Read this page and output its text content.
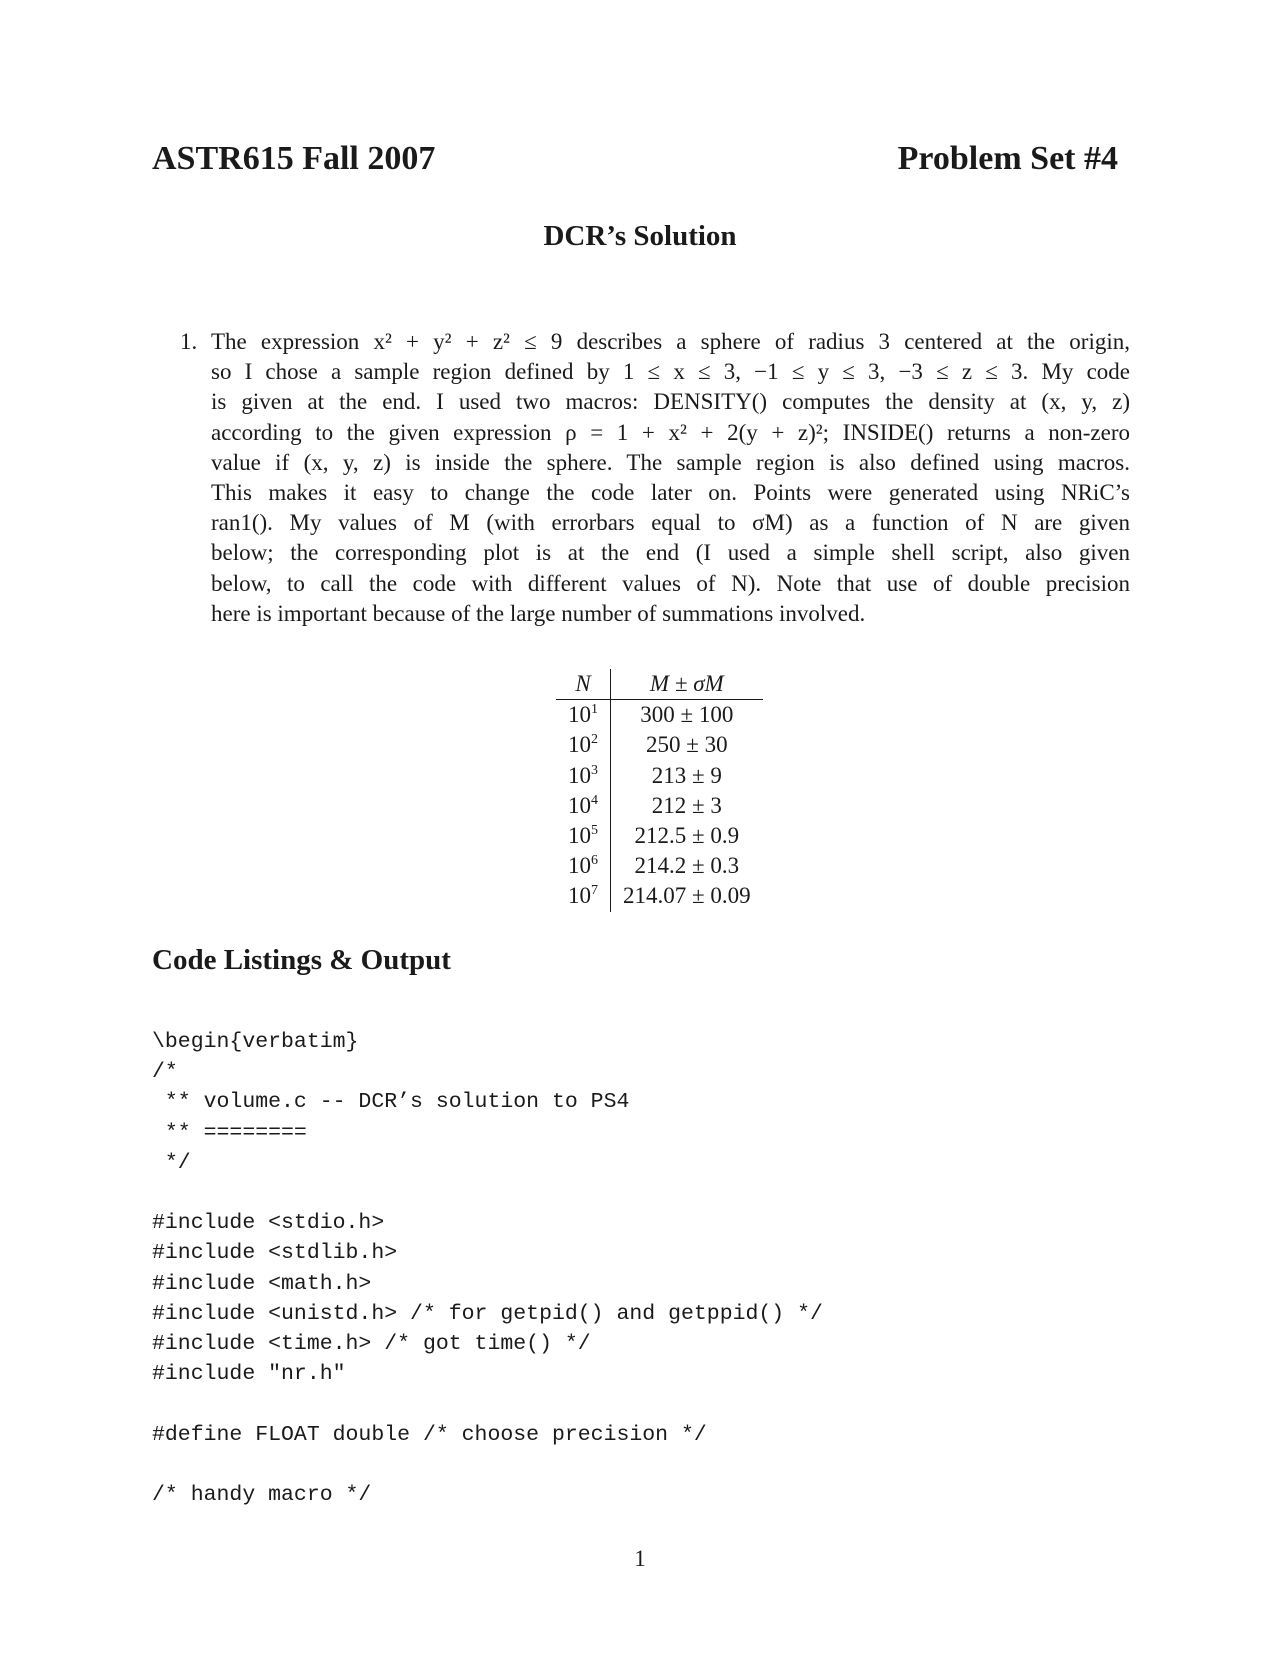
ASTR615 Fall 2007	Problem Set #4
DCR’s Solution
1. The expression x² + y² + z² ≤ 9 describes a sphere of radius 3 centered at the origin,
so I chose a sample region defined by 1 ≤ x ≤ 3, −1 ≤ y ≤ 3, −3 ≤ z ≤ 3. My code
is given at the end. I used two macros: DENSITY() computes the density at (x, y, z)
according to the given expression ρ = 1 + x² + 2(y + z)²; INSIDE() returns a non-zero
value if (x, y, z) is inside the sphere. The sample region is also defined using macros.
This makes it easy to change the code later on. Points were generated using NRiC’s
ran1(). My values of M (with errorbars equal to σM) as a function of N are given
below; the corresponding plot is at the end (I used a simple shell script, also given
below, to call the code with different values of N). Note that use of double precision
here is important because of the large number of summations involved.
N	M ± σM
$10^1$	300 ± 100
$10^2$	250 ± 30
$10^3$	213 ± 9
$10^4$	212 ± 3
$10^5$	212.5 ± 0.9
$10^6$	214.2 ± 0.3
$10^7$	214.07 ± 0.09
Code Listings & Output
\begin{verbatim}
/*
** volume.c -- DCR’s solution to PS4
** ========
*/
#include <stdio.h>
#include <stdlib.h>
#include <math.h>
#include <unistd.h> /* for getpid() and getppid() */
#include <time.h> /* got time() */
#include "nr.h"
#define FLOAT double /* choose precision */
/* handy macro */
1
